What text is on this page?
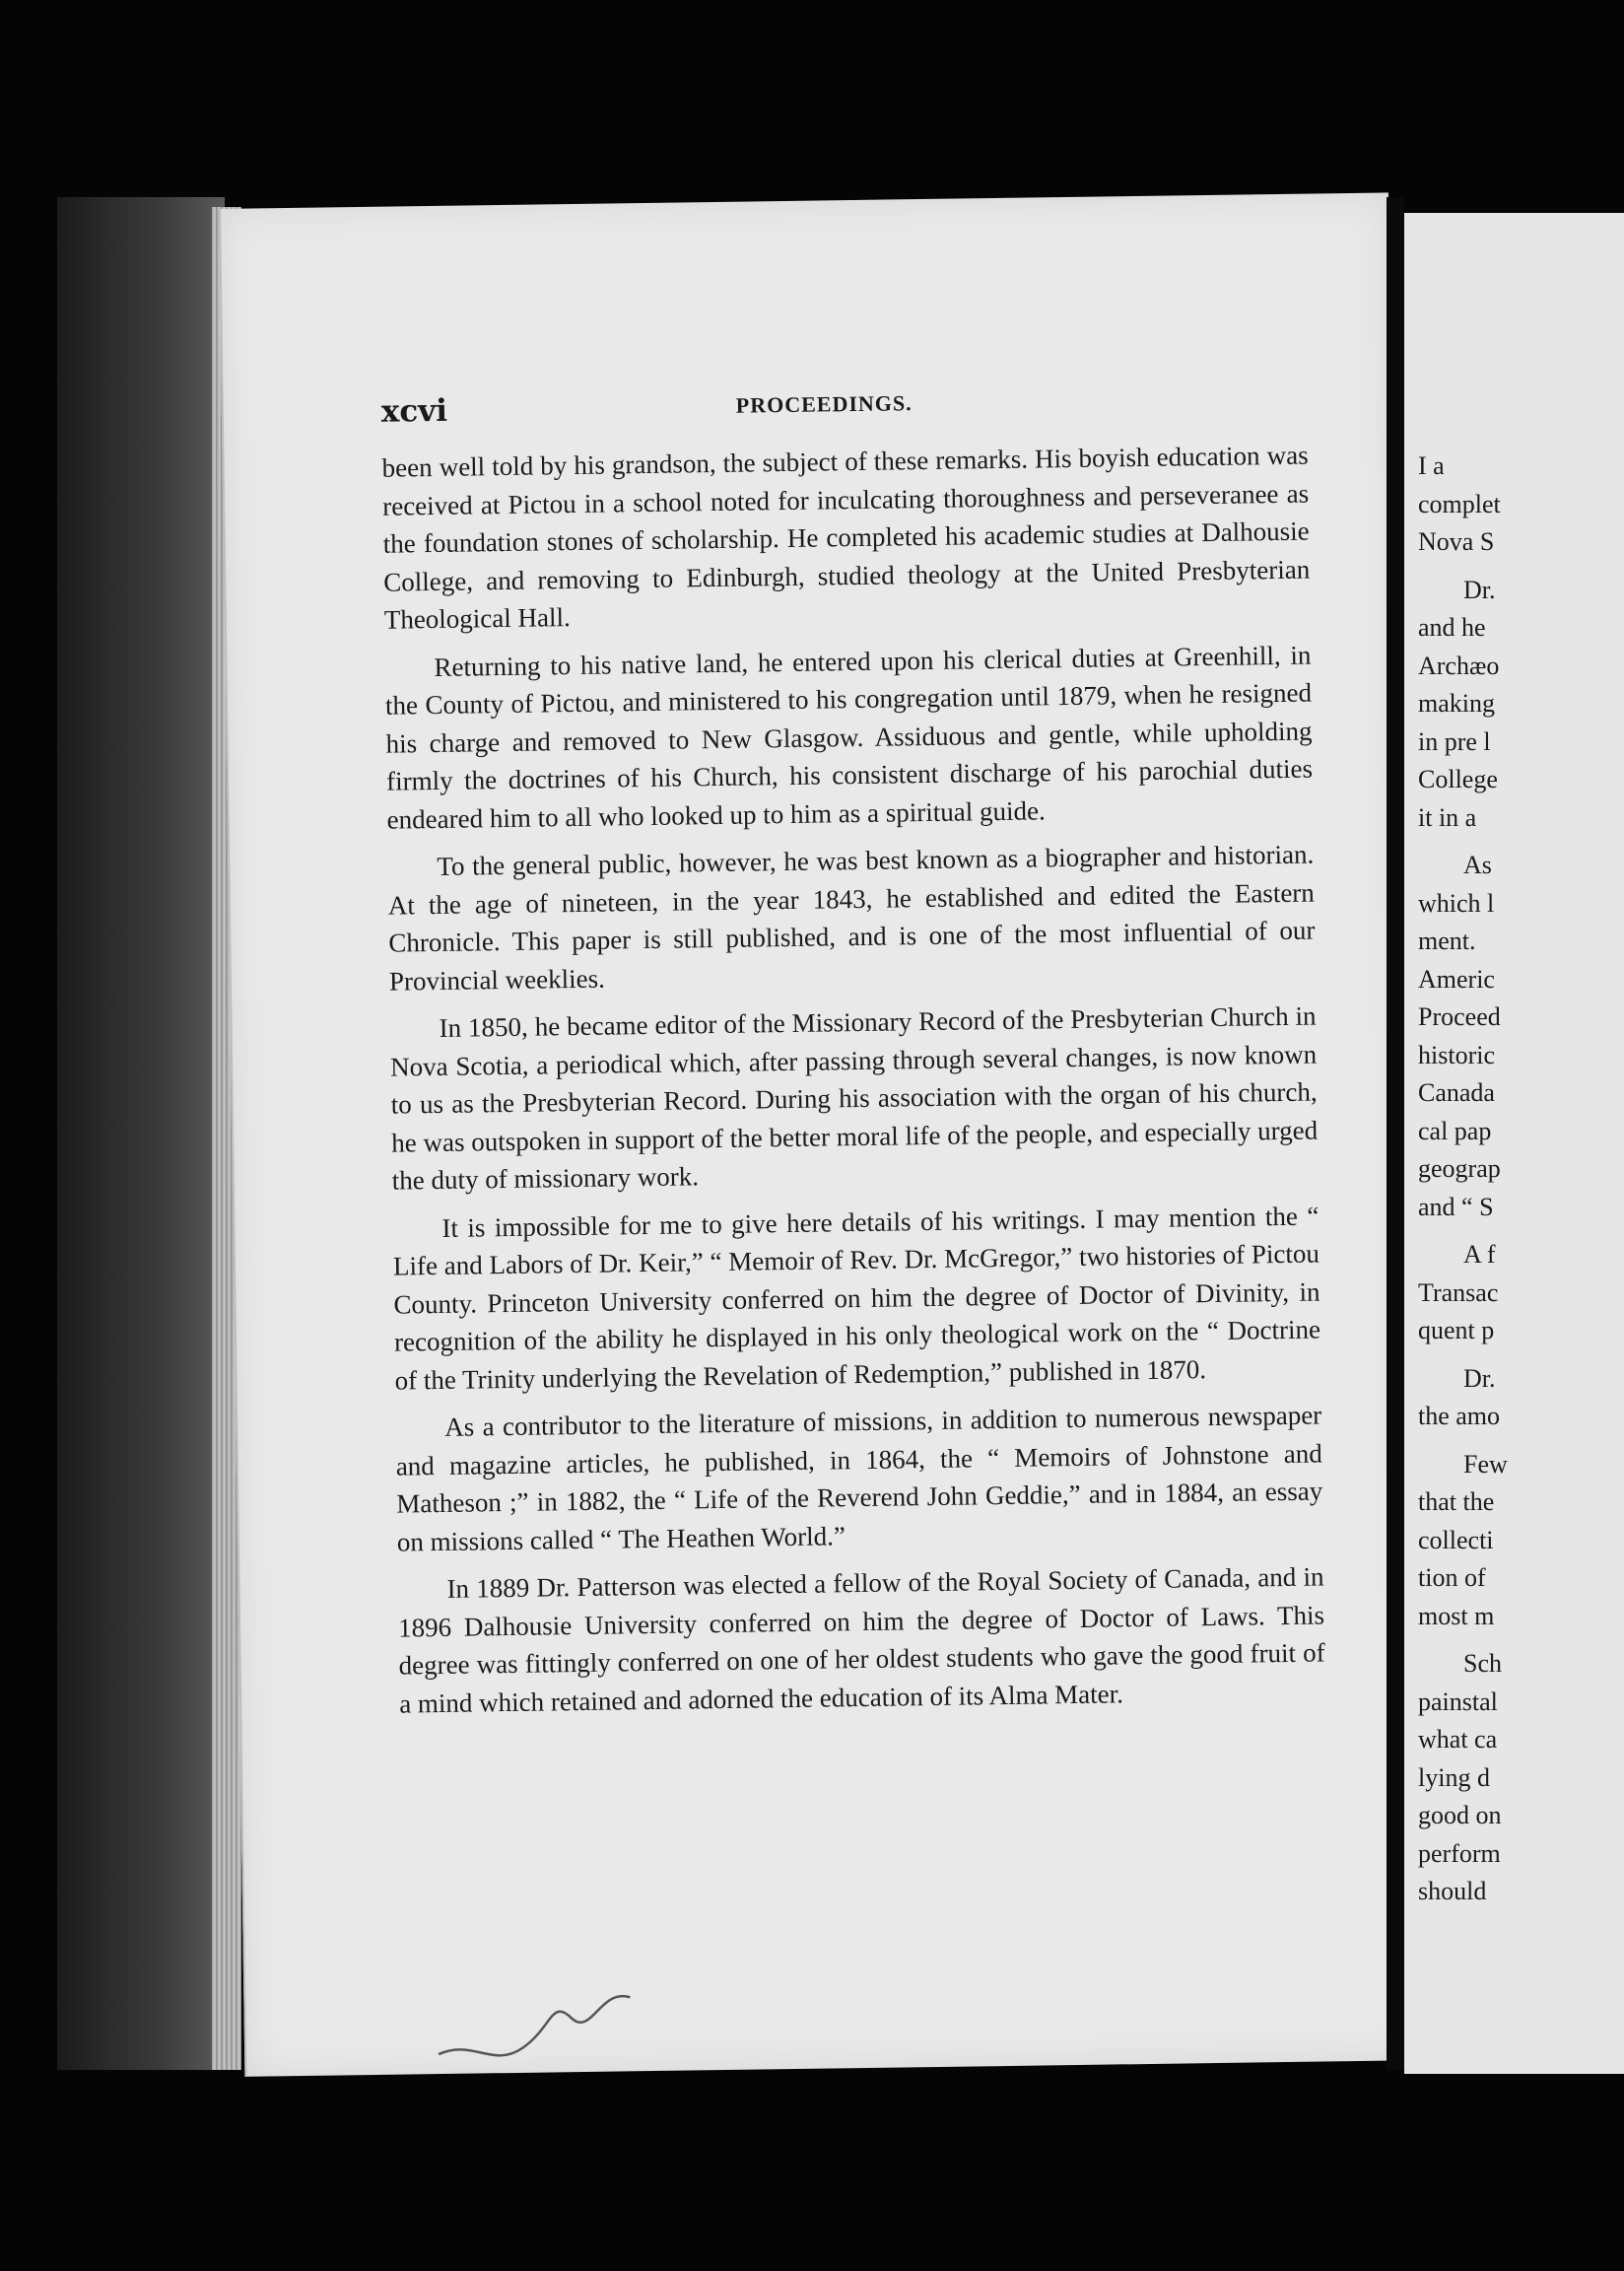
xcvi	PROCEEDINGS.

been well told by his grandson, the subject of these remarks. His boyish education was received at Pictou in a school noted for inculcating thoroughness and perseveranee as the foundation stones of scholarship. He completed his academic studies at Dalhousie College, and removing to Edinburgh, studied theology at the United Presbyterian Theological Hall.

Returning to his native land, he entered upon his clerical duties at Greenhill, in the County of Pictou, and ministered to his congregation until 1879, when he resigned his charge and removed to New Glasgow. Assiduous and gentle, while upholding firmly the doctrines of his Church, his consistent discharge of his parochial duties endeared him to all who looked up to him as a spiritual guide.

To the general public, however, he was best known as a biographer and historian. At the age of nineteen, in the year 1843, he established and edited the Eastern Chronicle. This paper is still published, and is one of the most influential of our Provincial weeklies.

In 1850, he became editor of the Missionary Record of the Presbyterian Church in Nova Scotia, a periodical which, after passing through several changes, is now known to us as the Presbyterian Record. During his association with the organ of his church, he was outspoken in support of the better moral life of the people, and especially urged the duty of missionary work.

It is impossible for me to give here details of his writings. I may mention the “ Life and Labors of Dr. Keir,” “ Memoir of Rev. Dr. McGregor,” two histories of Pictou County. Princeton University conferred on him the degree of Doctor of Divinity, in recognition of the ability he displayed in his only theological work on the “ Doctrine of the Trinity underlying the Revelation of Redemption,” published in 1870.

As a contributor to the literature of missions, in addition to numerous newspaper and magazine articles, he published, in 1864, the “ Memoirs of Johnstone and Matheson ;” in 1882, the “ Life of the Reverend John Geddie,” and in 1884, an essay on missions called “ The Heathen World.”

In 1889 Dr. Patterson was elected a fellow of the Royal Society of Canada, and in 1896 Dalhousie University conferred on him the degree of Doctor of Laws. This degree was fittingly conferred on one of her oldest students who gave the good fruit of a mind which retained and adorned the education of its Alma Mater.

I a
complet
Nova S
Dr.
and he
Archæo
making
in pre l
College
it in a
As
which l
ment.
Americ
Proceed
historic
Canada
cal pap
geograp
and “ S
A f
Transac
quent p
Dr.
the amo
Few
that the
collecti
tion of
most m
Sch
painstal
what ca
lying d
good on
perform
should
